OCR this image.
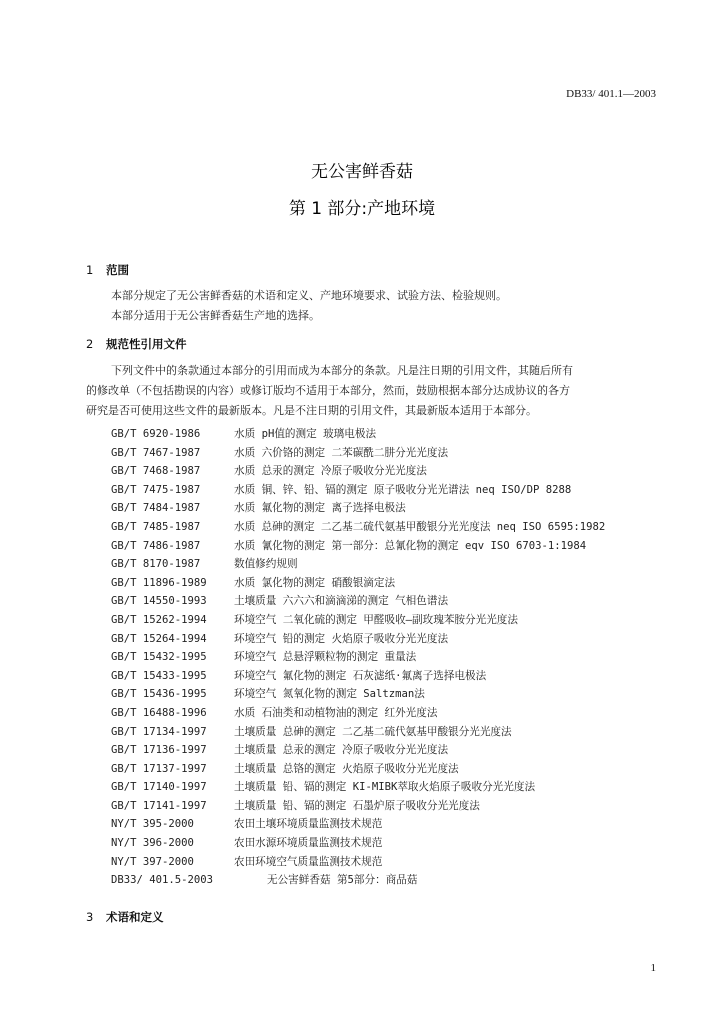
DB33/ 401.1—2003
无公害鲜香菇
第 1 部分:产地环境
1 范围
本部分规定了无公害鲜香菇的术语和定义、产地环境要求、试验方法、检验规则。
本部分适用于无公害鲜香菇生产地的选择。
2 规范性引用文件
下列文件中的条款通过本部分的引用而成为本部分的条款。凡是注日期的引用文件，其随后所有
的修改单（不包括勘误的内容）或修订版均不适用于本部分，然而，鼓励根据本部分达成协议的各方
研究是否可使用这些文件的最新版本。凡是不注日期的引用文件，其最新版本适用于本部分。
GB/T 6920-1986	水质 pH值的测定 玻璃电极法
GB/T 7467-1987	水质 六价铬的测定 二苯碳酰二肼分光光度法
GB/T 7468-1987	水质 总汞的测定 冷原子吸收分光光度法
GB/T 7475-1987	水质 铜、锌、铅、镉的测定 原子吸收分光光谱法 neq ISO/DP 8288
GB/T 7484-1987	水质 氟化物的测定 离子选择电极法
GB/T 7485-1987	水质 总砷的测定 二乙基二硫代氨基甲酸银分光光度法 neq ISO 6595:1982
GB/T 7486-1987	水质 氰化物的测定 第一部分：总氰化物的测定 eqv ISO 6703-1:1984
GB/T 8170-1987	数值修约规则
GB/T 11896-1989	水质 氯化物的测定 硝酸银滴定法
GB/T 14550-1993	土壤质量 六六六和滴滴涕的测定 气相色谱法
GB/T 15262-1994	环境空气 二氧化硫的测定 甲醛吸收—副玫瑰苯胺分光光度法
GB/T 15264-1994	环境空气 铅的测定 火焰原子吸收分光光度法
GB/T 15432-1995	环境空气 总悬浮颗粒物的测定 重量法
GB/T 15433-1995	环境空气 氟化物的测定 石灰滤纸·氟离子选择电极法
GB/T 15436-1995	环境空气 氮氧化物的测定 Saltzman法
GB/T 16488-1996	水质 石油类和动植物油的测定 红外光度法
GB/T 17134-1997	土壤质量 总砷的测定 二乙基二硫代氨基甲酸银分光光度法
GB/T 17136-1997	土壤质量 总汞的测定 冷原子吸收分光光度法
GB/T 17137-1997	土壤质量 总铬的测定 火焰原子吸收分光光度法
GB/T 17140-1997	土壤质量 铅、镉的测定 KI-MIBK萃取火焰原子吸收分光光度法
GB/T 17141-1997	土壤质量 铅、镉的测定 石墨炉原子吸收分光光度法
NY/T 395-2000	农田土壤环境质量监测技术规范
NY/T 396-2000	农田水源环境质量监测技术规范
NY/T 397-2000	农田环境空气质量监测技术规范
DB33/ 401.5-2003	无公害鲜香菇 第5部分：商品菇
3 术语和定义
1
